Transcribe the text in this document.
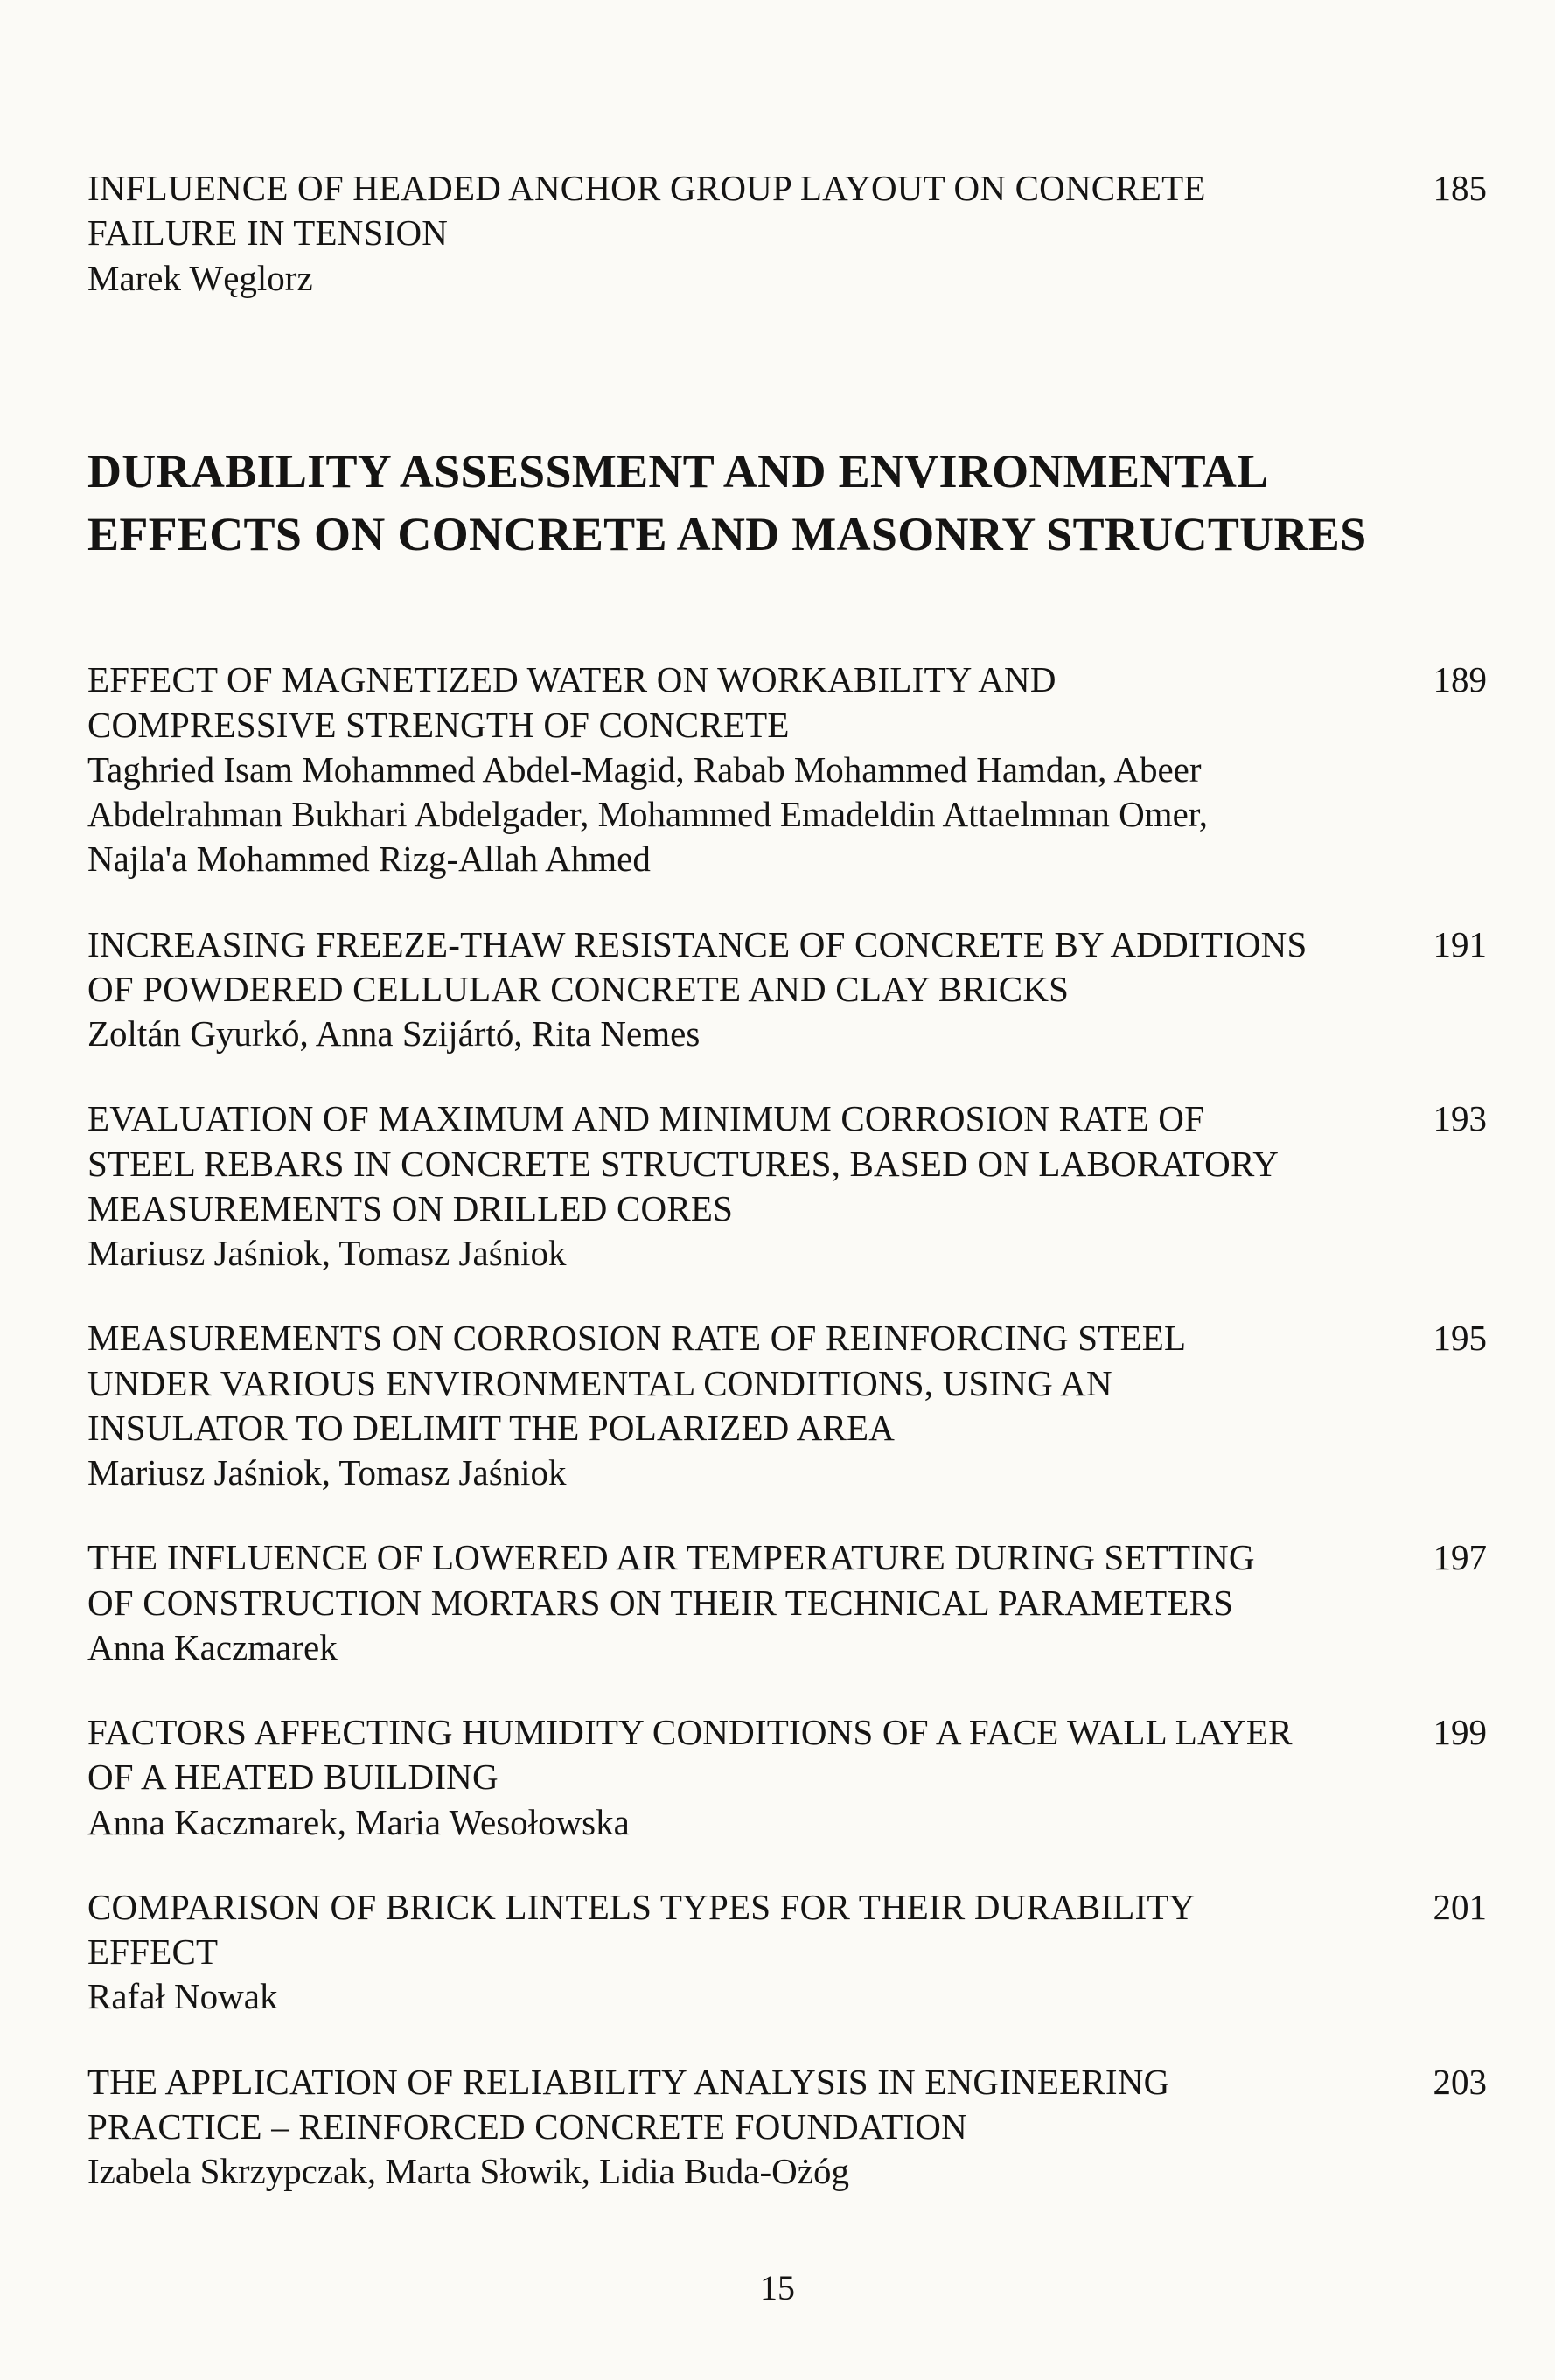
INFLUENCE OF HEADED ANCHOR GROUP LAYOUT ON CONCRETE FAILURE IN TENSION
Marek Węglorz
185
DURABILITY ASSESSMENT AND ENVIRONMENTAL
EFFECTS ON CONCRETE AND MASONRY STRUCTURES
EFFECT OF MAGNETIZED WATER ON WORKABILITY AND COMPRESSIVE STRENGTH OF CONCRETE
Taghried Isam Mohammed Abdel-Magid, Rabab Mohammed Hamdan, Abeer Abdelrahman Bukhari Abdelgader, Mohammed Emadeldin Attaelmnan Omer, Najla'a Mohammed Rizg-Allah Ahmed
189
INCREASING FREEZE-THAW RESISTANCE OF CONCRETE BY ADDITIONS OF POWDERED CELLULAR CONCRETE AND CLAY BRICKS
Zoltán Gyurkó, Anna Szijártó, Rita Nemes
191
EVALUATION OF MAXIMUM AND MINIMUM CORROSION RATE OF STEEL REBARS IN CONCRETE STRUCTURES, BASED ON LABORATORY MEASUREMENTS ON DRILLED CORES
Mariusz Jaśniok, Tomasz Jaśniok
193
MEASUREMENTS ON CORROSION RATE OF REINFORCING STEEL UNDER VARIOUS ENVIRONMENTAL CONDITIONS, USING AN INSULATOR TO DELIMIT THE POLARIZED AREA
Mariusz Jaśniok, Tomasz Jaśniok
195
THE INFLUENCE OF LOWERED AIR TEMPERATURE DURING SETTING OF CONSTRUCTION MORTARS ON THEIR TECHNICAL PARAMETERS
Anna Kaczmarek
197
FACTORS AFFECTING HUMIDITY CONDITIONS OF A FACE WALL LAYER OF A HEATED BUILDING
Anna Kaczmarek, Maria Wesołowska
199
COMPARISON OF BRICK LINTELS TYPES FOR THEIR DURABILITY EFFECT
Rafał Nowak
201
THE APPLICATION OF RELIABILITY ANALYSIS IN ENGINEERING PRACTICE – REINFORCED CONCRETE FOUNDATION
Izabela Skrzypczak, Marta Słowik, Lidia Buda-Ożóg
203
15
